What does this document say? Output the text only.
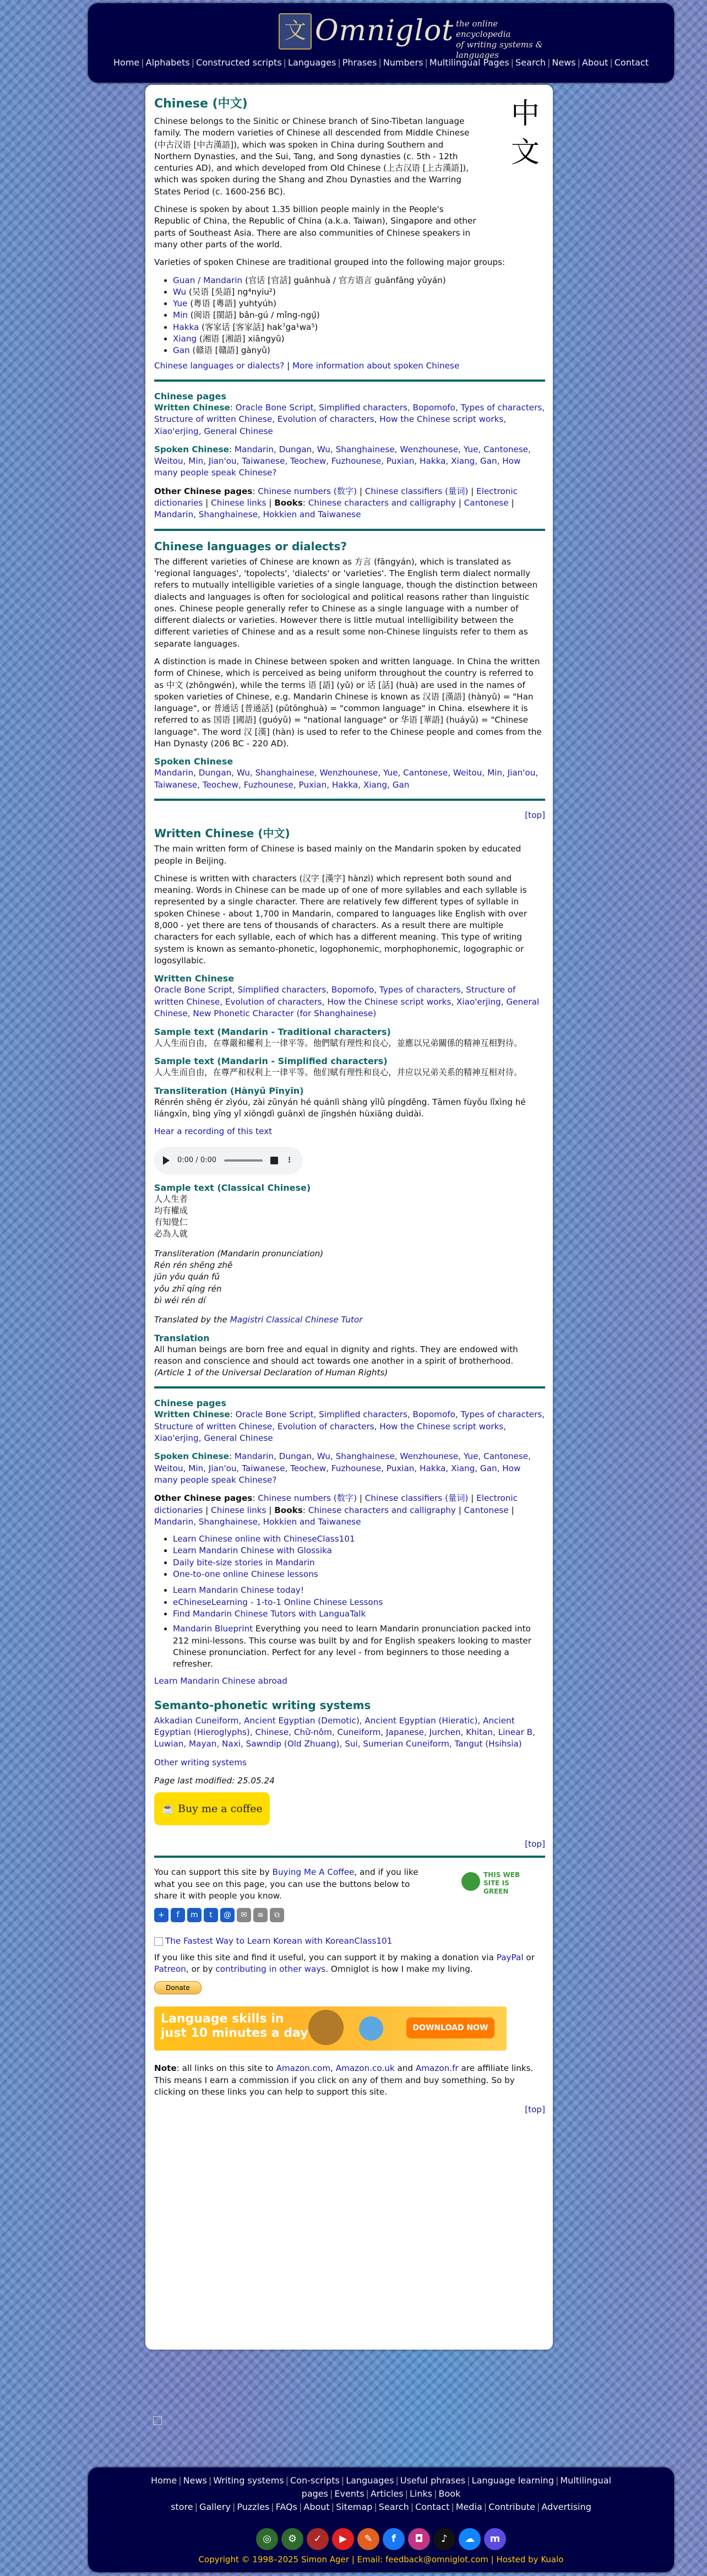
文 Omniglot the online encyclopedia
of writing systems & languages
Home | Alphabets | Constructed scripts | Languages | Phrases | Numbers | Multilingual Pages | Search | News | About | Contact
中
文
Chinese (中文)

Chinese belongs to the Sinitic or Chinese branch of Sino-Tibetan language family. The modern varieties of Chinese all descended from Middle Chinese (中古汉语 [中古漢語]), which was spoken in China during Southern and Northern Dynasties, and the Sui, Tang, and Song dynasties (c. 5th - 12th centuries AD), and which developed from Old Chinese (上古汉语 [上古漢語]), which was spoken during the Shang and Zhou Dynasties and the Warring States Period (c. 1600-256 BC).

Chinese is spoken by about 1.35 billion people mainly in the People's Republic of China, the Republic of China (a.k.a. Taiwan), Singapore and other parts of Southeast Asia. There are also communities of Chinese speakers in many other parts of the world.

Varieties of spoken Chinese are traditional grouped into the following major groups:

• Guan / Mandarin (官话 [官話] guānhuà / 官方语言 guānfāng yǔyán)
• Wu (吴语 [吳語] ng⁴nyiu²)
• Yue (粤语 [粵語] yuhtyúh)
• Min (闽语 [閩語] bân-gú / mǐng-ngṳ̄)
• Hakka (客家话 [客家話] hak⁷ga¹wa⁵)
• Xiang (湘语 [湘語] xiāngyǔ)
• Gan (赣语 [贛語] gànyǔ)
Chinese languages or dialects? | More information about spoken Chinese
Chinese pages
Written Chinese: Oracle Bone Script, Simplified characters, Bopomofo, Types of characters, Structure of written Chinese, Evolution of characters, How the Chinese script works, Xiao'erjing, General Chinese
Spoken Chinese: Mandarin, Dungan, Wu, Shanghainese, Wenzhounese, Yue, Cantonese, Weitou, Min, Jian'ou, Taiwanese, Teochew, Fuzhounese, Puxian, Hakka, Xiang, Gan, How many people speak Chinese?
Other Chinese pages: Chinese numbers (数字) | Chinese classifiers (量词) | Electronic dictionaries | Chinese links | Books: Chinese characters and calligraphy | Cantonese | Mandarin, Shanghainese, Hokkien and Taiwanese
Chinese languages or dialects?

The different varieties of Chinese are known as 方言 (fāngyán), which is translated as 'regional languages', 'topolects', 'dialects' or 'varieties'. The English term dialect normally refers to mutually intelligible varieties of a single language, though the distinction between dialects and languages is often for sociological and political reasons rather than linguistic ones. Chinese people generally refer to Chinese as a single language with a number of different dialects or varieties. However there is little mutual intelligibility between the different varieties of Chinese and as a result some non-Chinese linguists refer to them as separate languages.

A distinction is made in Chinese between spoken and written language. In China the written form of Chinese, which is perceived as being uniform throughout the country is referred to as 中文 (zhōngwén), while the terms 语 [語] (yǔ) or 话 [話] (huà) are used in the names of spoken varieties of Chinese, e.g. Mandarin Chinese is known as 汉语 [漢語] (hànyǔ) = "Han language", or 普通话 [普通話] (pǔtōnghuà) = "common language" in China. elsewhere it is referred to as 国语 [國語] (guóyǔ) = "national language" or 华语 [華語] (huáyǔ) = "Chinese language". The word 汉 [漢] (hàn) is used to refer to the Chinese people and comes from the Han Dynasty (206 BC - 220 AD).

Spoken Chinese
Mandarin, Dungan, Wu, Shanghainese, Wenzhounese, Yue, Cantonese, Weitou, Min, Jian'ou, Taiwanese, Teochew, Fuzhounese, Puxian, Hakka, Xiang, Gan
[top]
Written Chinese (中文)

The main written form of Chinese is based mainly on the Mandarin spoken by educated people in Beijing.

Chinese is written with characters (汉字 [漢字] hànzì) which represent both sound and meaning. Words in Chinese can be made up of one of more syllables and each syllable is represented by a single character. There are relatively few different types of syllable in spoken Chinese - about 1,700 in Mandarin, compared to languages like English with over 8,000 - yet there are tens of thousands of characters. As a result there are multiple characters for each syllable, each of which has a different meaning. This type of writing system is known as semanto-phonetic, logophonemic, morphophonemic, logographic or logosyllabic.

Written Chinese
Oracle Bone Script, Simplified characters, Bopomofo, Types of characters, Structure of written Chinese, Evolution of characters, How the Chinese script works, Xiao'erjing, General Chinese, New Phonetic Character (for Shanghainese)
Sample text (Mandarin - Traditional characters)

人人生而自由，在尊嚴和權利上一律平等。他們賦有理性和良心，並應以兄弟關係的精神互相對待。

Sample text (Mandarin - Simplified characters)

人人生而自由，在尊严和权利上一律平等。他们赋有理性和良心，并应以兄弟关系的精神互相对待。

Transliteration (Hànyǔ Pīnyīn)

Rénrén shēng ér zìyóu, zài zūnyán hé quánlì shàng yīlǜ píngděng. Tāmen fùyǒu lǐxìng hé liángxīn, bìng yīng yǐ xiōngdì guānxì de jīngshén hùxiāng duìdài.

Hear a recording of this text
0:00 / 0:00	⋮
Sample text (Classical Chinese)
人人生者
均有權成
有知覺仁
必為人就
Transliteration (Mandarin pronunciation)
Rén rén shēng zhě
jūn yǒu quán fǔ
yǒu zhī qíng rén
bì wéi rén dí

Translated by the Magistri Classical Chinese Tutor

Translation
All human beings are born free and equal in dignity and rights. They are endowed with reason and conscience and should act towards one another in a spirit of brotherhood.
(Article 1 of the Universal Declaration of Human Rights)
Chinese pages
Written Chinese: Oracle Bone Script, Simplified characters, Bopomofo, Types of characters, Structure of written Chinese, Evolution of characters, How the Chinese script works, Xiao'erjing, General Chinese
Spoken Chinese: Mandarin, Dungan, Wu, Shanghainese, Wenzhounese, Yue, Cantonese, Weitou, Min, Jian'ou, Taiwanese, Teochew, Fuzhounese, Puxian, Hakka, Xiang, Gan, How many people speak Chinese?
Other Chinese pages: Chinese numbers (数字) | Chinese classifiers (量词) | Electronic dictionaries | Chinese links | Books: Chinese characters and calligraphy | Cantonese | Mandarin, Shanghainese, Hokkien and Taiwanese
• Learn Chinese online with ChineseClass101
• Learn Mandarin Chinese with Glossika
• Daily bite-size stories in Mandarin
• One-to-one online Chinese lessons
• Learn Mandarin Chinese today!
• eChineseLearning - 1-to-1 Online Chinese Lessons
• Find Mandarin Chinese Tutors with LanguaTalk
• Mandarin Blueprint Everything you need to learn Mandarin pronunciation packed into 212 mini-lessons. This course was built by and for English speakers looking to master Chinese pronunciation. Perfect for any level - from beginners to those needing a refresher.
Learn Mandarin Chinese abroad
Semanto-phonetic writing systems
Akkadian Cuneiform, Ancient Egyptian (Demotic), Ancient Egyptian (Hieratic), Ancient Egyptian (Hieroglyphs), Chinese, Chữ-nôm, Cuneiform, Japanese, Jurchen, Khitan, Linear B, Luwian, Mayan, Naxi, Sawndip (Old Zhuang), Sui, Sumerian Cuneiform, Tangut (Hsihsia)
Other writing systems
Page last modified: 25.05.24
☕ Buy me a coffee
[top]
THIS WEB SITE IS GREEN

You can support this site by Buying Me A Coffee, and if you like what you see on this page, you can use the buttons below to share it with people you know.

+	f	m	t	@	✉	≡	⧉
The Fastest Way to Learn Korean with KoreanClass101

If you like this site and find it useful, you can support it by making a donation via PayPal or Patreon, or by contributing in other ways. Omniglot is how I make my living.

Donate
Language skills in
just 10 minutes a day	DOWNLOAD NOW

Note: all links on this site to Amazon.com, Amazon.co.uk and Amazon.fr are affiliate links. This means I earn a commission if you click on any of them and buy something. So by clicking on these links you can help to support this site.

[top]
Home | News | Writing systems | Con-scripts | Languages | Useful phrases | Language learning | Multilingual pages | Events | Articles | Links | Book store | Gallery | Puzzles | FAQs | About | Sitemap | Search | Contact | Media | Contribute | Advertising
◎	⚙	✓	▶	✎	f	◘	♪	☁	m
Copyright © 1998–2025 Simon Ager | Email: feedback@omniglot.com | Hosted by Kualo
